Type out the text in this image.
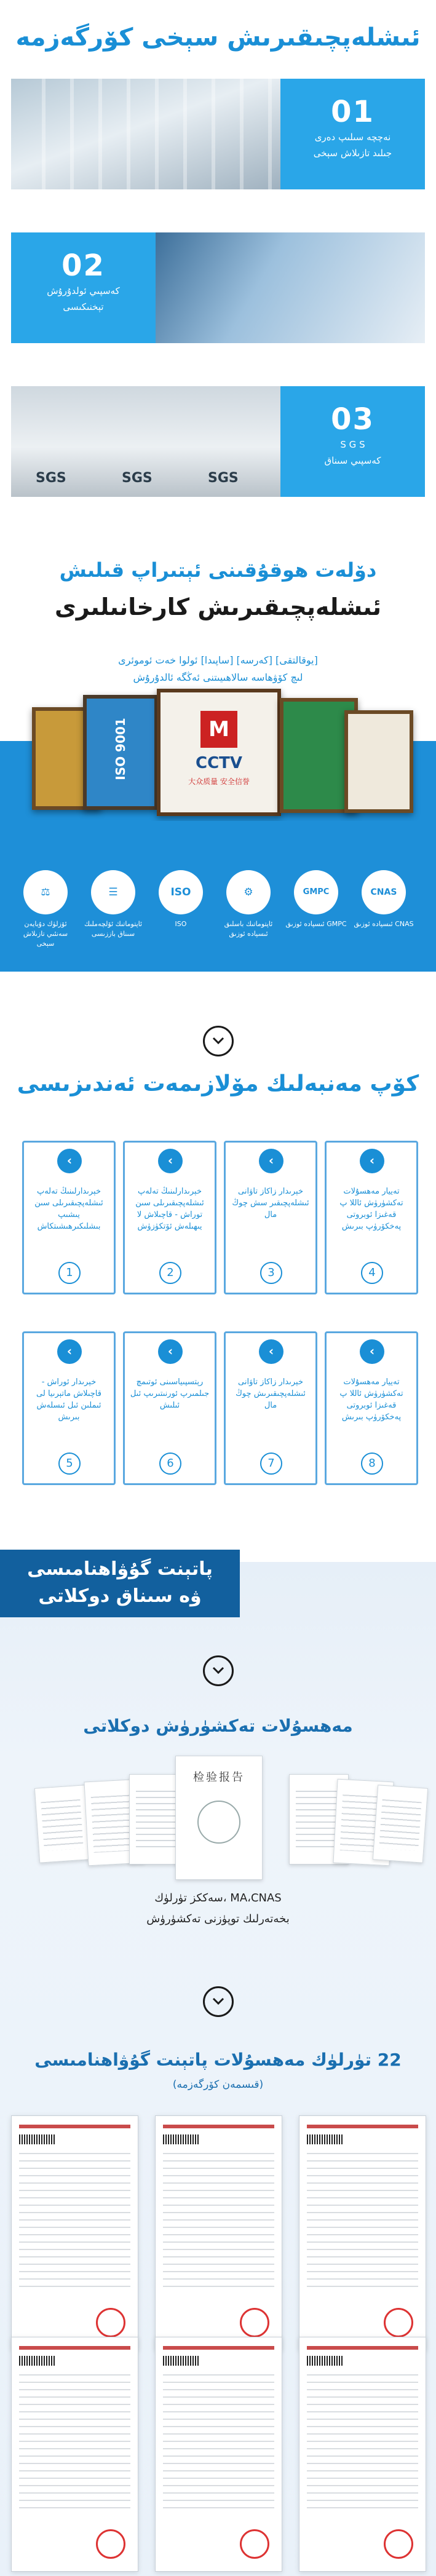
ئىشلەپچىقىرىش سېخى كۆرگەزمە
01
نەچچە سىلىپ دەرى
جىلىد تازىلاش سېخى
02
كەسپىي ئولدۇرۇش
تېخنىكىسى
SGS	SGS	SGS
03
S G S
كەسپىي سىناق
دۆلەت ھوقۇقىنى ئېتىراپ قىلىش
ئىشلەپچىقىرىش كارخانىلىرى
[يوقالتقى] [كەرسە] [ساپىدا] ئولوا خەت ئوموئرى
لىچ كۆۋھاسە سالاھىيىتنى ئەڭگە ئالدۇرۇش
ISO 9001	M
CCTV
大众质量 安全信誉
⚖
ئۆزلۈك دۇبايەن سەنئىي تازىلاش سېخى
☰
ئاپتوماتىك ئۆلچەملىك سىناق باززىسى
ISO
ISO
⚙
ئاپتوماتىك باسلىق ئىسپادە ئوزىق
GMPC
GMPC ئىسپادە ئوزىق
CNAS
CNAS ئىسپادە ئوزىق
كۆپ مەنبەلىك مۆلازىمەت ئەندىزىسى
‹
تەييار مەھسۇلات تەكشۈرۈش ئاللا پ قەغىزا ئوبروتى پەخكۆرۈپ بىرىش
4
‹
خېرىدار زاكاز تاۋانى ئىشلەپچىقىر سش چوڭ مال
3
‹
خېرىدارلىنىڭ تەلەپ ئىشلەپچىقىرىلى سىن توراش - قاچىلاش لا يىھىلەش ئۆتكۈزۈش
2
‹
خېرىدارلىنىڭ تەلەپ ئىشلەپچىقىرىلى سىن يىشىپ بىشلىكىرھىشىتكاش
1
‹
تەييار مەھسۇلات تەكشۈرۈش ئاللا پ قەغىزا ئوبروتى پەخكۆرۈپ بىرىش
8
‹
خېرىدار زاكاز تاۋانى ئىشلەپچىقىرىش چوڭ مال
7
‹
رېتسپىياسىنى ئوتىمچ جىلمىرپ ئورنىتىرىپ ئىل ئىلىش
6
‹
خېرىدار ئوراش - قاچىلاش ماتېرىيا لى ئىملىن ئىل ئىسلەش بىرىش
5
پاتېنت گۇۋاھنامىسى
ۋە سىناق دوكلاتى
مەھسۇلات تەكشۈرۈش دوكلاتى
检验报告
MA،CNAS ،سەككز تۈرلۈك
بخەتەرلىك توپۈزنى تەكشۈرۈش
22 تۈرلۈك مەھسۇلات پاتېنت گۇۋاھنامىسى
(قىسمەن كۆرگەزمە)
